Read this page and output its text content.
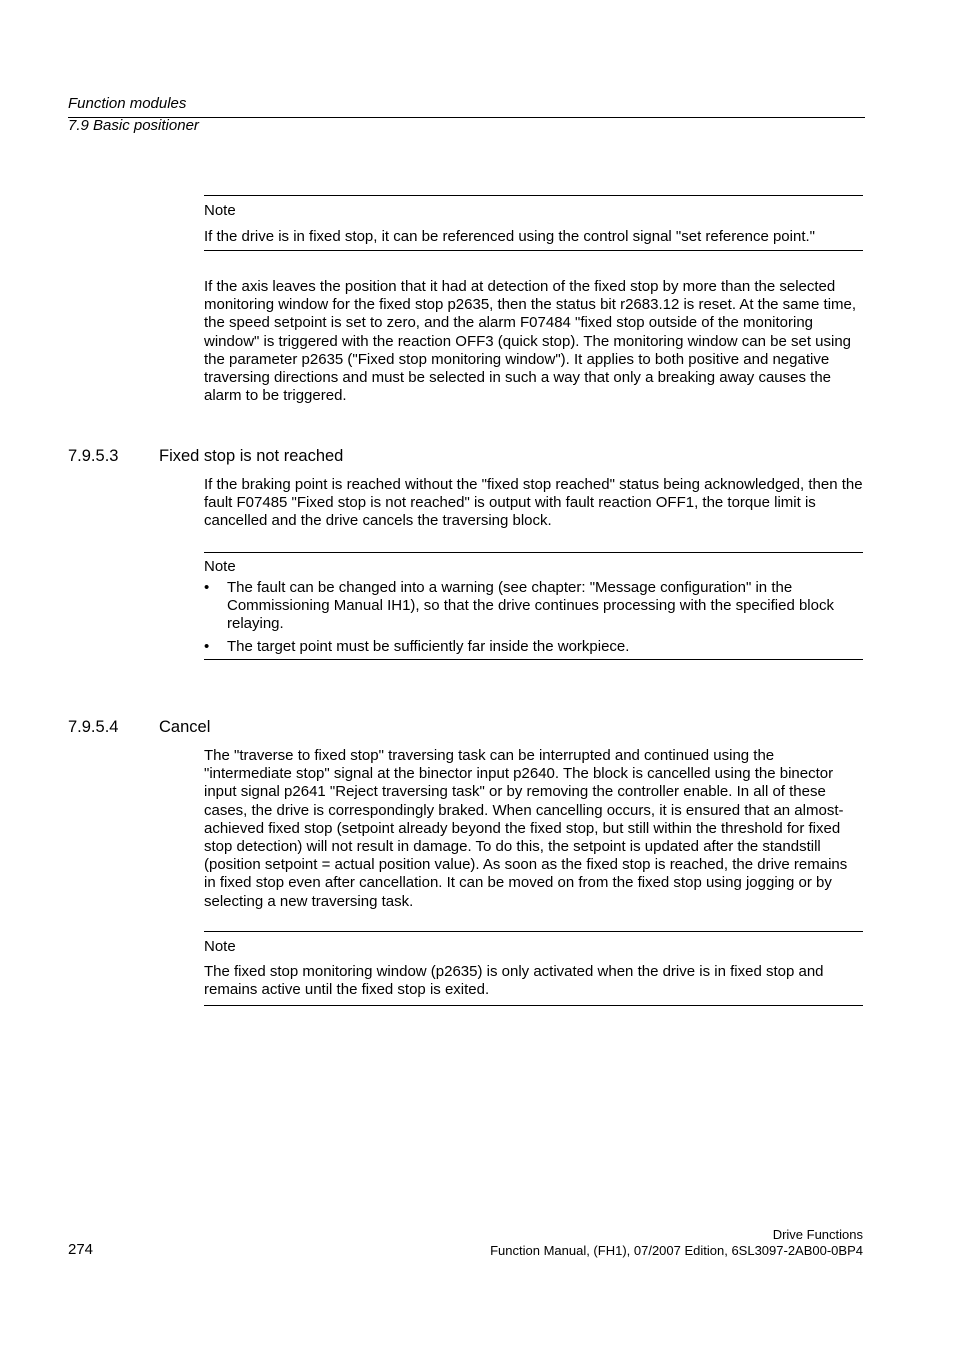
Function modules
7.9 Basic positioner
Note
If the drive is in fixed stop, it can be referenced using the control signal "set reference point."
If the axis leaves the position that it had at detection of the fixed stop by more than the selected monitoring window for the fixed stop p2635, then the status bit r2683.12 is reset. At the same time, the speed setpoint is set to zero, and the alarm F07484 "fixed stop outside of the monitoring window" is triggered with the reaction OFF3 (quick stop). The monitoring window can be set using the parameter p2635 ("Fixed stop monitoring window"). It applies to both positive and negative traversing directions and must be selected in such a way that only a breaking away causes the alarm to be triggered.
7.9.5.3 Fixed stop is not reached
If the braking point is reached without the "fixed stop reached" status being acknowledged, then the fault F07485 "Fixed stop is not reached" is output with fault reaction OFF1, the torque limit is cancelled and the drive cancels the traversing block.
Note
• The fault can be changed into a warning (see chapter: "Message configuration" in the Commissioning Manual IH1), so that the drive continues processing with the specified block relaying.
• The target point must be sufficiently far inside the workpiece.
7.9.5.4 Cancel
The "traverse to fixed stop" traversing task can be interrupted and continued using the "intermediate stop" signal at the binector input p2640. The block is cancelled using the binector input signal p2641 "Reject traversing task" or by removing the controller enable. In all of these cases, the drive is correspondingly braked. When cancelling occurs, it is ensured that an almost-achieved fixed stop (setpoint already beyond the fixed stop, but still within the threshold for fixed stop detection) will not result in damage. To do this, the setpoint is updated after the standstill (position setpoint = actual position value). As soon as the fixed stop is reached, the drive remains in fixed stop even after cancellation. It can be moved on from the fixed stop using jogging or by selecting a new traversing task.
Note
The fixed stop monitoring window (p2635) is only activated when the drive is in fixed stop and remains active until the fixed stop is exited.
Drive Functions
274	Function Manual, (FH1), 07/2007 Edition, 6SL3097-2AB00-0BP4
